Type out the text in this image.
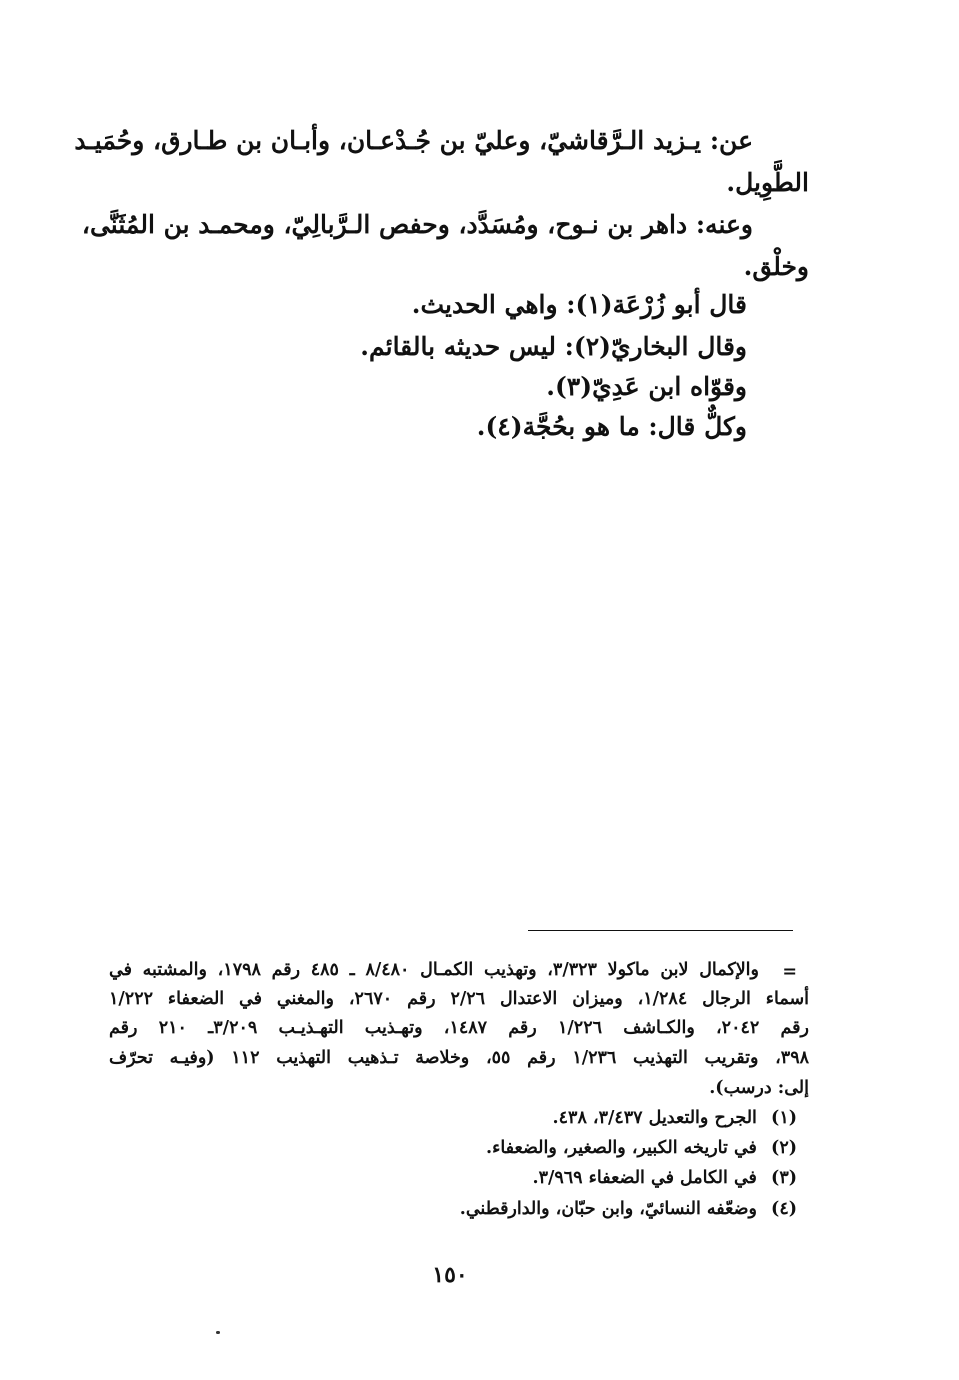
عن: يـزيد الـرَّقاشيّ، وعليّ بن جُـدْعـان، وأبـان بن طـارق، وحُمَيـد
الطَّوِيل.
وعنه: داهر بن نـوح، ومُسَدَّد، وحفص الـرَّبالِيّ، ومحمـد بن المُثَنَّى،
وخلْق.
قال أبو زُرْعَة(١): واهي الحديث.
وقال البخاريّ(٢): ليس حديثه بالقائم.
وقوّاه ابن عَدِيّ(٣).
وكلٌّ قال: ما هو بحُجَّة(٤).
=
والإكمال لابن ماكولا ٣/٣٢٣، وتهذيب الكمـال ٨/٤٨٠ ـ ٤٨٥ رقم ١٧٩٨، والمشتبه في
أسماء الرجال ١/٢٨٤، وميزان الاعتدال ٢/٢٦ رقم ٢٦٧٠، والمغني في الضعفاء ١/٢٢٢
رقم ٢٠٤٢، والكـاشف ١/٢٢٦ رقم ١٤٨٧، وتهـذيب التهـذيـب ٣/٢٠٩ـ ٢١٠ رقم
٣٩٨، وتقريب التهذيب ١/٢٣٦ رقم ٥٥، وخلاصة تـذهيب التهذيب ١١٢ (وفيـه تحرّف
إلى: درسب).
(١) الجرح والتعديل ٣/٤٣٧، ٤٣٨.
(٢) في تاريخه الكبير، والصغير، والضعفاء.
(٣) في الكامل في الضعفاء ٣/٩٦٩.
(٤) وضعّفه النسائيّ، وابن حبّان، والدارقطني.
١٥٠
